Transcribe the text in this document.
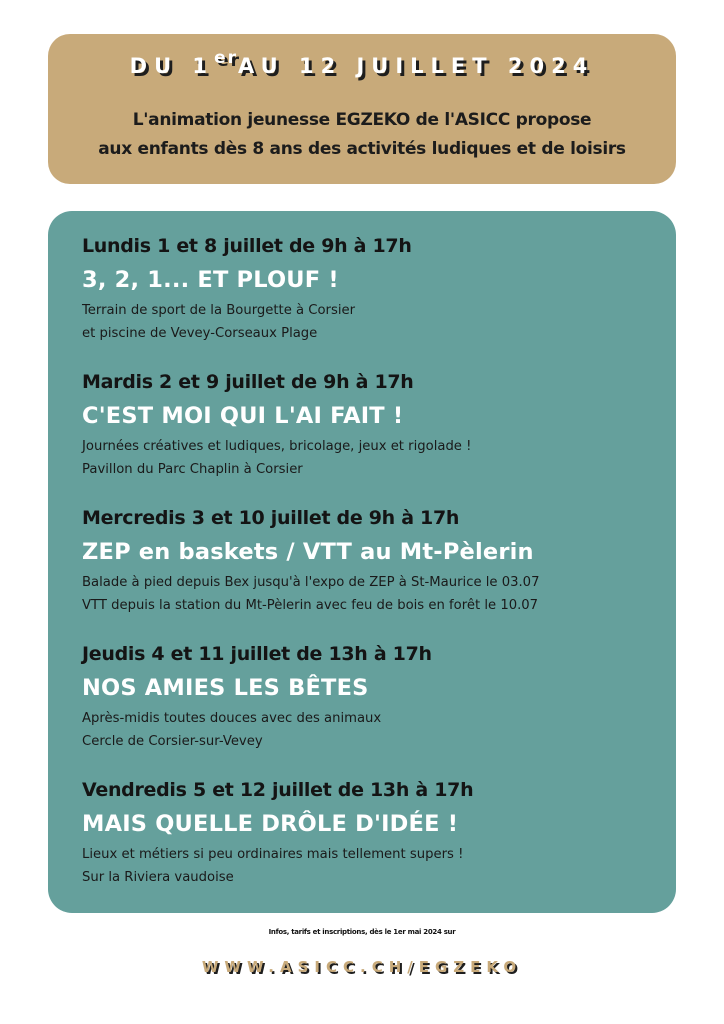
DU 1erAU 12 JUILLET 2024
L'animation jeunesse EGZEKO de l'ASICC propose
aux enfants dès 8 ans des activités ludiques et de loisirs
Lundis 1 et 8 juillet de 9h à 17h
3, 2, 1... ET PLOUF !
Terrain de sport de la Bourgette à Corsier
et piscine de Vevey-Corseaux Plage
Mardis 2 et 9 juillet de 9h à 17h
C'EST MOI QUI L'AI FAIT !
Journées créatives et ludiques, bricolage, jeux et rigolade !
Pavillon du Parc Chaplin à Corsier
Mercredis 3 et 10 juillet de 9h à 17h
ZEP en baskets / VTT au Mt-Pèlerin
Balade à pied depuis Bex jusqu'à l'expo de ZEP à St-Maurice le 03.07
VTT depuis la station du Mt-Pèlerin avec feu de bois en forêt le 10.07
Jeudis 4 et 11 juillet de 13h à 17h
NOS AMIES LES BÊTES
Après-midis toutes douces avec des animaux
Cercle de Corsier-sur-Vevey
Vendredis 5 et 12 juillet de 13h à 17h
MAIS QUELLE DRÔLE D'IDÉE !
Lieux et métiers si peu ordinaires mais tellement supers !
Sur la Riviera vaudoise
Infos, tarifs et inscriptions, dès le 1er mai 2024 sur
WWW.ASICC.CH/EGZEKO
